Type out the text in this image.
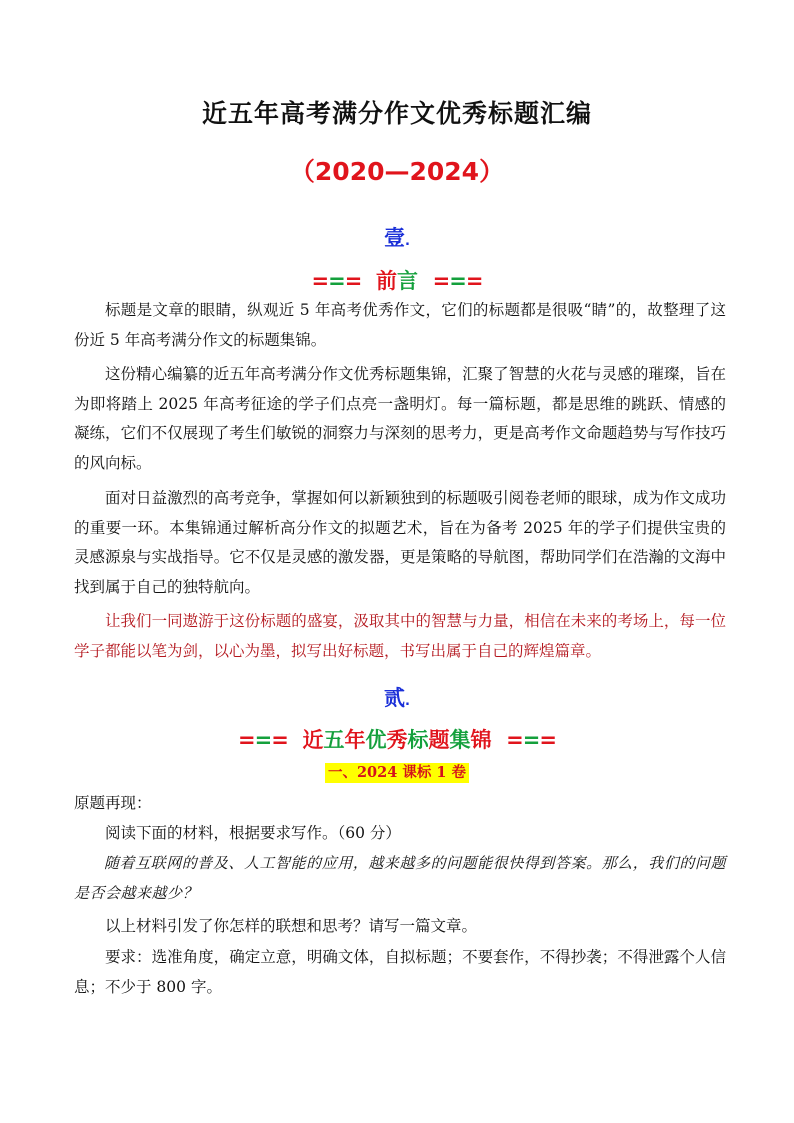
近五年高考满分作文优秀标题汇编
（2020—2024）
壹.
=== 前言 ===

标题是文章的眼睛，纵观近 5 年高考优秀作文，它们的标题都是很吸“睛”的，故整理了这份近 5 年高考满分作文的标题集锦。

这份精心编纂的近五年高考满分作文优秀标题集锦，汇聚了智慧的火花与灵感的璀璨，旨在为即将踏上 2025 年高考征途的学子们点亮一盏明灯。每一篇标题，都是思维的跳跃、情感的凝练，它们不仅展现了考生们敏锐的洞察力与深刻的思考力，更是高考作文命题趋势与写作技巧的风向标。

面对日益激烈的高考竞争，掌握如何以新颖独到的标题吸引阅卷老师的眼球，成为作文成功的重要一环。本集锦通过解析高分作文的拟题艺术，旨在为备考 2025 年的学子们提供宝贵的灵感源泉与实战指导。它不仅是灵感的激发器，更是策略的导航图，帮助同学们在浩瀚的文海中找到属于自己的独特航向。

让我们一同遨游于这份标题的盛宴，汲取其中的智慧与力量，相信在未来的考场上，每一位学子都能以笔为剑，以心为墨，拟写出好标题，书写出属于自己的辉煌篇章。

贰.
=== 近五年优秀标题集锦 ===
一、2024 课标 1 卷

原题再现：

阅读下面的材料，根据要求写作。（60 分）

随着互联网的普及、人工智能的应用，越来越多的问题能很快得到答案。那么，我们的问题是否会越来越少？

以上材料引发了你怎样的联想和思考？请写一篇文章。

要求：选准角度，确定立意，明确文体，自拟标题；不要套作，不得抄袭；不得泄露个人信息；不少于 800 字。
